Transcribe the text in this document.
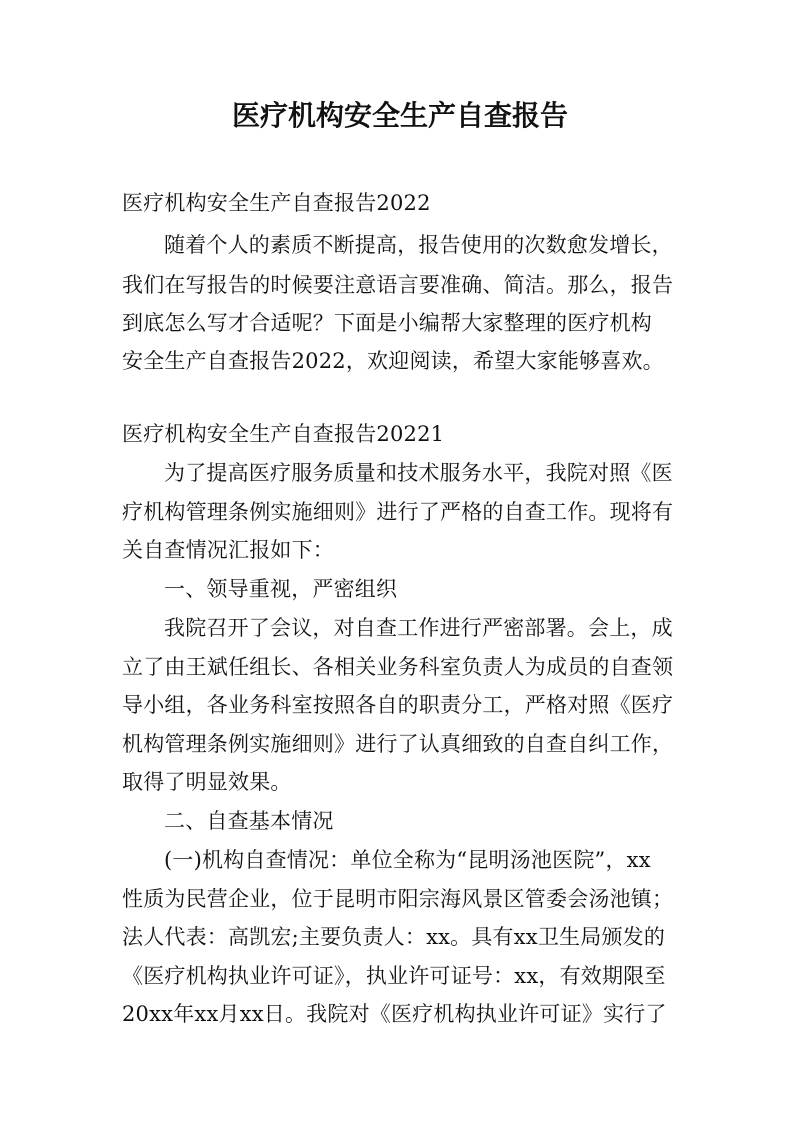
医疗机构安全生产自查报告
医疗机构安全生产自查报告2022
随着个人的素质不断提高，报告使用的次数愈发增长，
我们在写报告的时候要注意语言要准确、简洁。那么，报告
到底怎么写才合适呢？下面是小编帮大家整理的医疗机构
安全生产自查报告2022，欢迎阅读，希望大家能够喜欢。
医疗机构安全生产自查报告20221
为了提高医疗服务质量和技术服务水平，我院对照《医
疗机构管理条例实施细则》进行了严格的自查工作。现将有
关自查情况汇报如下：
一、领导重视，严密组织
我院召开了会议，对自查工作进行严密部署。会上，成
立了由王斌任组长、各相关业务科室负责人为成员的自查领
导小组，各业务科室按照各自的职责分工，严格对照《医疗
机构管理条例实施细则》进行了认真细致的自查自纠工作，
取得了明显效果。
二、自查基本情况
(一)机构自查情况：单位全称为“昆明汤池医院”，xx
性质为民营企业，位于昆明市阳宗海风景区管委会汤池镇；
法人代表：高凯宏;主要负责人：xx。具有xx卫生局颁发的
《医疗机构执业许可证》，执业许可证号：xx，有效期限至
20xx年xx月xx日。我院对《医疗机构执业许可证》实行了
